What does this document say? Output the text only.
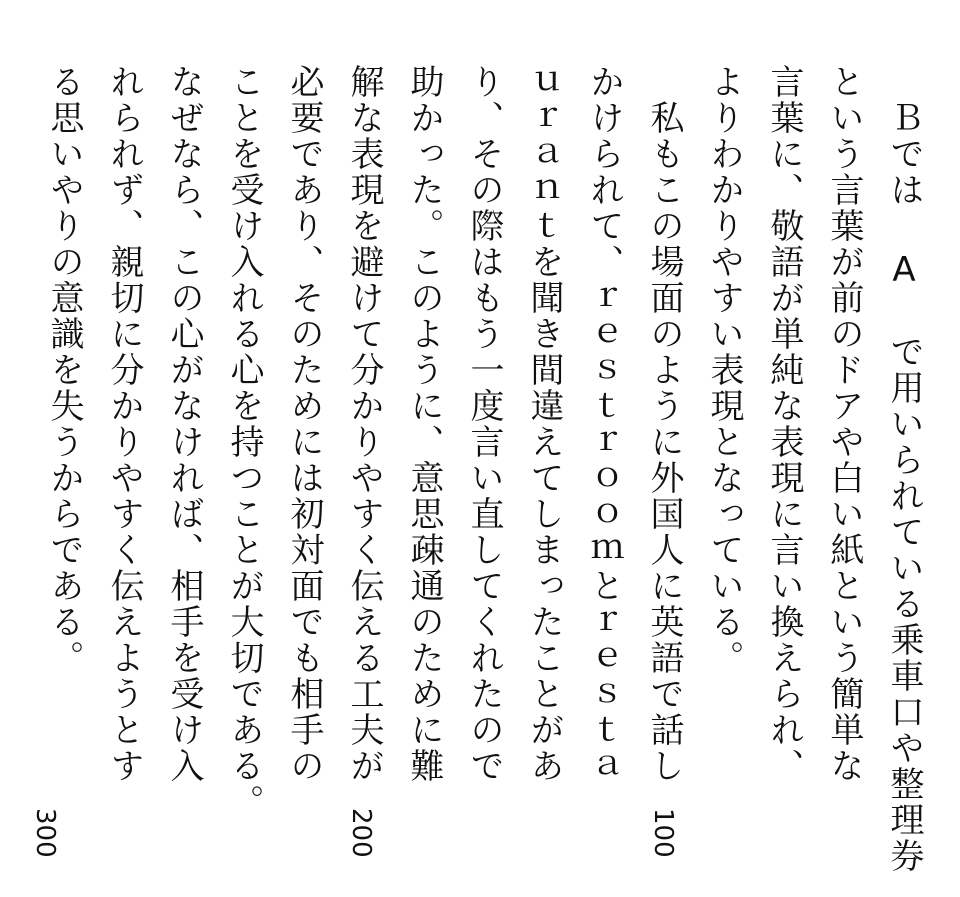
　Ｂでは A で用いられている乗車口や整理券
という言葉が前のドアや白い紙という簡単な
言葉に、敬語が単純な表現に言い換えられ、
よりわかりやすい表現となっている。
　私もこの場面のように外国人に英語で話し
かけられて、ｒｅｓｔｒｏｏｍとｒｅｓｔａ
ｕｒａｎｔを聞き間違えてしまったことがあ
り、その際はもう一度言い直してくれたので
助かった。このように、意思疎通のために難
解な表現を避けて分かりやすく伝える工夫が
必要であり、そのためには初対面でも相手の
ことを受け入れる心を持つことが大切である。
なぜなら、この心がなければ、相手を受け入
れられず、親切に分かりやすく伝えようとす
る思いやりの意識を失うからである。
100
200
300
